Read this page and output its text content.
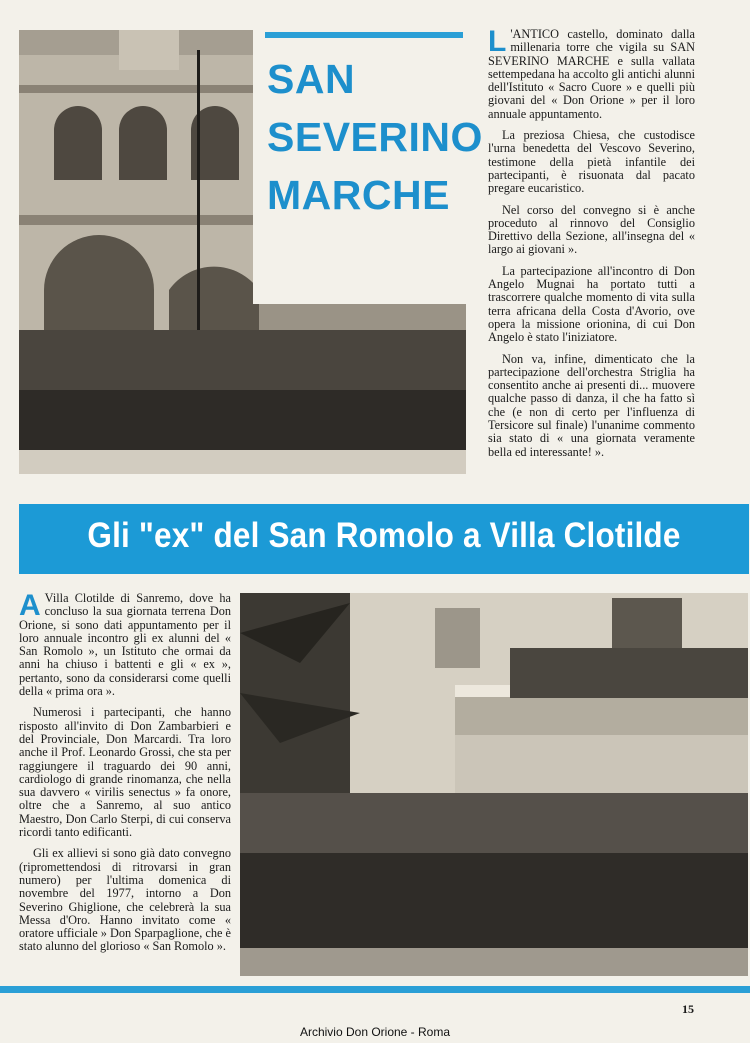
SAN
SEVERINO
MARCHE

L 'ANTICO castello, dominato dalla millenaria torre che vigila su SAN SEVERINO MARCHE e sulla vallata settempedana ha accolto gli antichi alunni dell'Istituto « Sacro Cuore » e quelli più giovani del « Don Orione » per il loro annuale appuntamento.

La preziosa Chiesa, che custodisce l'urna benedetta del Vescovo Severino, testimone della pietà infantile dei partecipanti, è risuonata dal pacato pregare eucaristico.

Nel corso del convegno si è anche proceduto al rinnovo del Consiglio Direttivo della Sezione, all'insegna del « largo ai giovani ».

La partecipazione all'incontro di Don Angelo Mugnai ha portato tutti a trascorrere qualche momento di vita sulla terra africana della Costa d'Avorio, ove opera la missione orionina, di cui Don Angelo è stato l'iniziatore.

Non va, infine, dimenticato che la partecipazione dell'orchestra Striglia ha consentito anche ai presenti di... muovere qualche passo di danza, il che ha fatto sì che (e non di certo per l'influenza di Tersicore sul finale) l'unanime commento sia stato di « una giornata veramente bella ed interessante! ».

Gli "ex" del San Romolo a Villa Clotilde

A Villa Clotilde di Sanremo, dove ha concluso la sua giornata terrena Don Orione, si sono dati appuntamento per il loro annuale incontro gli ex alunni del « San Romolo », un Istituto che ormai da anni ha chiuso i battenti e gli « ex », pertanto, sono da considerarsi come quelli della « prima ora ».

Numerosi i partecipanti, che hanno risposto all'invito di Don Zambarbieri e del Provinciale, Don Marcardi. Tra loro anche il Prof. Leonardo Grossi, che sta per raggiungere il traguardo dei 90 anni, cardiologo di grande rinomanza, che nella sua davvero « virilis senectus » fa onore, oltre che a Sanremo, al suo antico Maestro, Don Carlo Sterpi, di cui conserva ricordi tanto edificanti.

Gli ex allievi si sono già dato convegno (ripromettendosi di ritrovarsi in gran numero) per l'ultima domenica di novembre del 1977, intorno a Don Severino Ghiglione, che celebrerà la sua Messa d'Oro. Hanno invitato come « oratore ufficiale » Don Sparpaglione, che è stato alunno del glorioso « San Romolo ».

15
Archivio Don Orione - Roma
